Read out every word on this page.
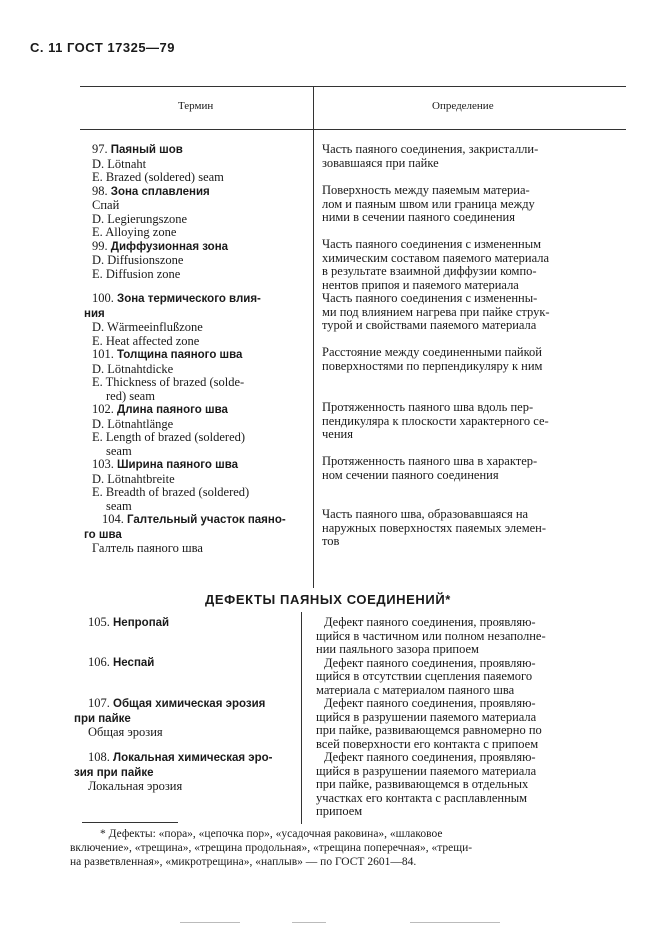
С. 11 ГОСТ 17325—79
Термин	Определение
97. Паяный шов
D. Lötnaht
E. Brazed (soldered) seam
98. Зона сплавления
Спай
D. Legierungszone
E. Alloying zone
99. Диффузионная зона
D. Diffusionszone
E. Diffusion zone
100. Зона термического влия-
ния
D. Wärmeeinflußzone
E. Heat affected zone
101. Толщина паяного шва
D. Lötnahtdicke
E. Thickness of brazed (solde-
red) seam
102. Длина паяного шва
D. Lötnahtlänge
E. Length of brazed (soldered)
seam
103. Ширина паяного шва
D. Lötnahtbreite
E. Breadth of brazed (soldered)
seam
104. Галтельный участок паяно-
го шва
Галтель паяного шва
Часть паяного соединения, закристалли-
зовавшаяся при пайке
Поверхность между паяемым материа-
лом и паяным швом или граница между
ними в сечении паяного соединения
Часть паяного соединения с измененным
химическим составом паяемого материала
в результате взаимной диффузии компо-
нентов припоя и паяемого материала
Часть паяного соединения с измененны-
ми под влиянием нагрева при пайке струк-
турой и свойствами паяемого материала
Расстояние между соединенными пайкой
поверхностями по перпендикуляру к ним
Протяженность паяного шва вдоль пер-
пендикуляра к плоскости характерного се-
чения
Протяженность паяного шва в характер-
ном сечении паяного соединения
Часть паяного шва, образовавшаяся на
наружных поверхностях паяемых элемен-
тов
ДЕФЕКТЫ ПАЯНЫХ СОЕДИНЕНИЙ*
105. Непропай
106. Неспай
107. Общая химическая эрозия
при пайке
Общая эрозия
108. Локальная химическая эро-
зия при пайке
Локальная эрозия
Дефект паяного соединения, проявляю-
щийся в частичном или полном незаполне-
нии паяльного зазора припоем
Дефект паяного соединения, проявляю-
щийся в отсутствии сцепления паяемого
материала с материалом паяного шва
Дефект паяного соединения, проявляю-
щийся в разрушении паяемого материала
при пайке, развивающемся равномерно по
всей поверхности его контакта с припоем
Дефект паяного соединения, проявляю-
щийся в разрушении паяемого материала
при пайке, развивающемся в отдельных
участках его контакта с расплавленным
припоем
* Дефекты: «пора», «цепочка пор», «усадочная раковина», «шлаковое
включение», «трещина», «трещина продольная», «трещина поперечная», «трещи-
на разветвленная», «микротрещина», «наплыв» — по ГОСТ 2601—84.
